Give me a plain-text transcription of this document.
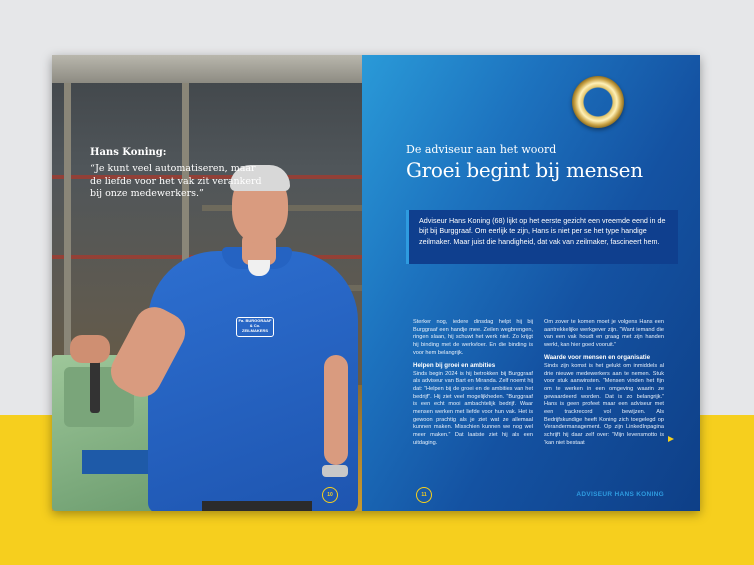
Fa. BURGGRAAF & Co. ZEILMAKERS

Hans Koning:

“Je kunt veel automatiseren, maar de liefde voor het vak zit verankerd bij onze medewerkers.”

10

De adviseur aan het woord

Groei begint bij mensen

Adviseur Hans Koning (68) lijkt op het eerste gezicht een vreemde eend in de bijt bij Burggraaf. Om eerlijk te zijn, Hans is niet per se het type handige zeilmaker. Maar juist die handigheid, dat vak van zeilmaker, fascineert hem.

Sterker nog, iedere dinsdag helpt hij bij Burggraaf een handje mee. Zeilen wegbrengen, ringen slaan, hij schuwt het werk niet. Zo krijgt hij binding met de werkvloer. En die binding is voor hem belangrijk.

Helpen bij groei en ambities

Sinds begin 2024 is hij betrokken bij Burggraaf als adviseur van Bart en Miranda. Zelf noemt hij dat: “Helpen bij de groei en de ambities van het bedrijf”. Hij ziet veel mogelijkheden. “Burggraaf is een echt mooi ambachtelijk bedrijf. Waar mensen werken met liefde voor hun vak. Het is gewoon prachtig als je ziet wat ze allemaal kunnen maken. Misschien kunnen we nog wel meer maken.” Dat laatste ziet hij als een uitdaging.

Om zover te komen moet je volgens Hans een aantrekkelijke werkgever zijn. “Want iemand die van een vak houdt en graag met zijn handen werkt, kan hier goed vooruit.”

Waarde voor mensen en organisatie

Sinds zijn komst is het gelukt om inmiddels al drie nieuwe medewerkers aan te nemen. Stuk voor stuk aanwinsten. “Mensen vinden het fijn om te werken in een omgeving waarin ze gewaardeerd worden. Dat is zo belangrijk.” Hans is geen profeet maar een adviseur met een trackrecord vol bewijzen. Als Bedrijfskundige heeft Koning zich toegelegd op Verandermanagement. Op zijn LinkedInpagina schrijft hij daar zelf over: “Mijn levensmotto is ‘kan niet bestaat

11	ADVISEUR HANS KONING
